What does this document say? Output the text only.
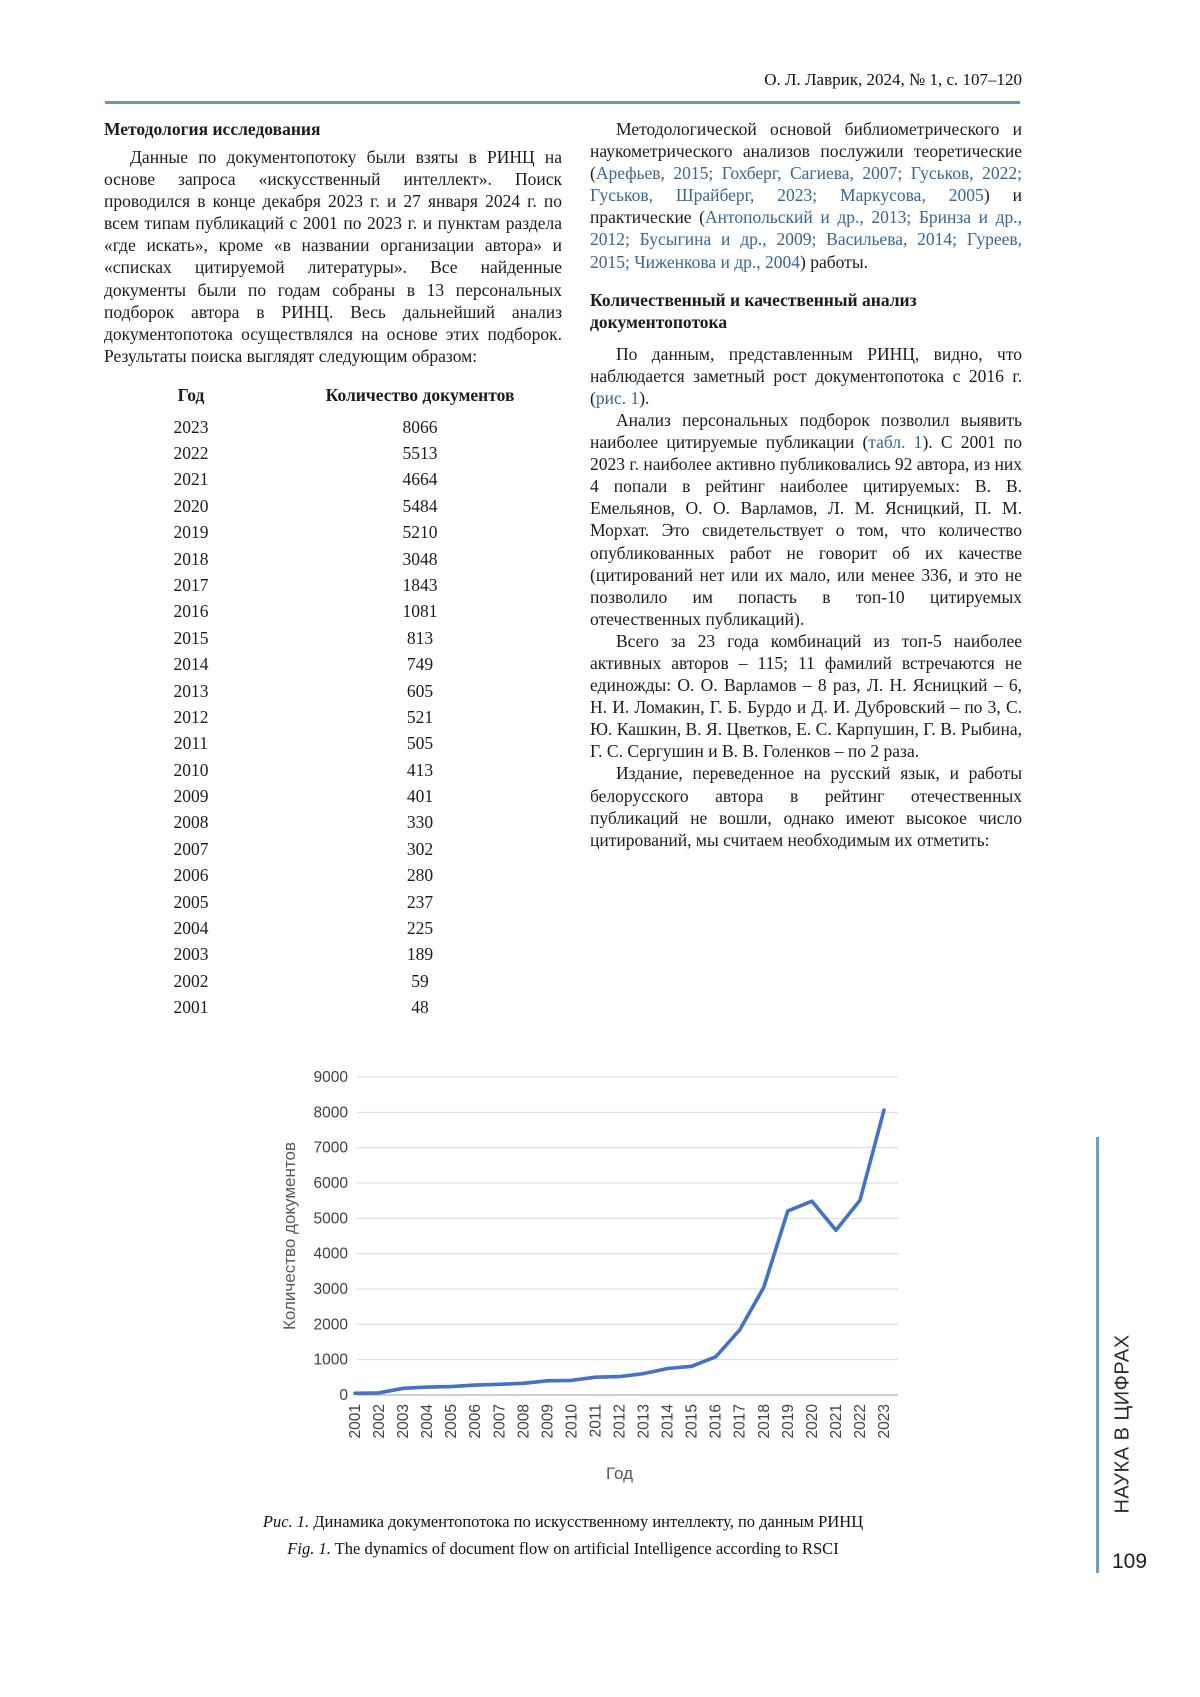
О. Л. Лаврик, 2024, № 1, с. 107–120
Методология исследования

Данные по документопотоку были взяты в РИНЦ на основе запроса «искусственный интеллект». Поиск проводился в конце декабря 2023 г. и 27 января 2024 г. по всем типам публикаций с 2001 по 2023 г. и пунктам раздела «где искать», кроме «в названии организации автора» и «списках цитируемой литературы». Все найденные документы были по годам собраны в 13 персональных подборок автора в РИНЦ. Весь дальнейший анализ документопотока осуществлялся на основе этих подборок. Результаты поиска выглядят следующим образом:

Год	Количество документов
2023	8066
2022	5513
2021	4664
2020	5484
2019	5210
2018	3048
2017	1843
2016	1081
2015	813
2014	749
2013	605
2012	521
2011	505
2010	413
2009	401
2008	330
2007	302
2006	280
2005	237
2004	225
2003	189
2002	59
2001	48

Методологической основой библиометрического и наукометрического анализов послужили теоретические (Арефьев, 2015; Гохберг, Сагиева, 2007; Гуськов, 2022; Гуськов, Шрайберг, 2023; Маркусова, 2005) и практические (Антопольский и др., 2013; Бринза и др., 2012; Бусыгина и др., 2009; Васильева, 2014; Гуреев, 2015; Чиженкова и др., 2004) работы.

Количественный и качественный анализ документопотока

По данным, представленным РИНЦ, видно, что наблюдается заметный рост документопотока с 2016 г. (рис. 1).

Анализ персональных подборок позволил выявить наиболее цитируемые публикации (табл. 1). С 2001 по 2023 г. наиболее активно публиковались 92 автора, из них 4 попали в рейтинг наиболее цитируемых: В. В. Емельянов, О. О. Варламов, Л. М. Ясницкий, П. М. Морхат. Это свидетельствует о том, что количество опубликованных работ не говорит об их качестве (цитирований нет или их мало, или менее 336, и это не позволило им попасть в топ-10 цитируемых отечественных публикаций).

Всего за 23 года комбинаций из топ-5 наиболее активных авторов – 115; 11 фамилий встречаются не единожды: О. О. Варламов – 8 раз, Л. Н. Ясницкий – 6, Н. И. Ломакин, Г. Б. Бурдо и Д. И. Дубровский – по 3, С. Ю. Кашкин, В. Я. Цветков, Е. С. Карпушин, Г. В. Рыбина, Г. С. Сергушин и В. В. Голенков – по 2 раза.

Издание, переведенное на русский язык, и работы белорусского автора в рейтинг отечественных публикаций не вошли, однако имеют высокое число цитирований, мы считаем необходимым их отметить:

0
1000
2000
3000
4000
5000
6000
7000
8000
9000
2001 2002 2003 2004 2005 2006 2007 2008 2009 2010 2011 2012 2013 2014 2015 2016 2017 2018 2019 2020 2021 2022 2023
Количество документов
Год
Рис. 1. Динамика документопотока по искусственному интеллекту, по данным РИНЦ
Fig. 1. The dynamics of document flow on artificial Intelligence according to RSCI
НАУКА В ЦИФРАХ
109
